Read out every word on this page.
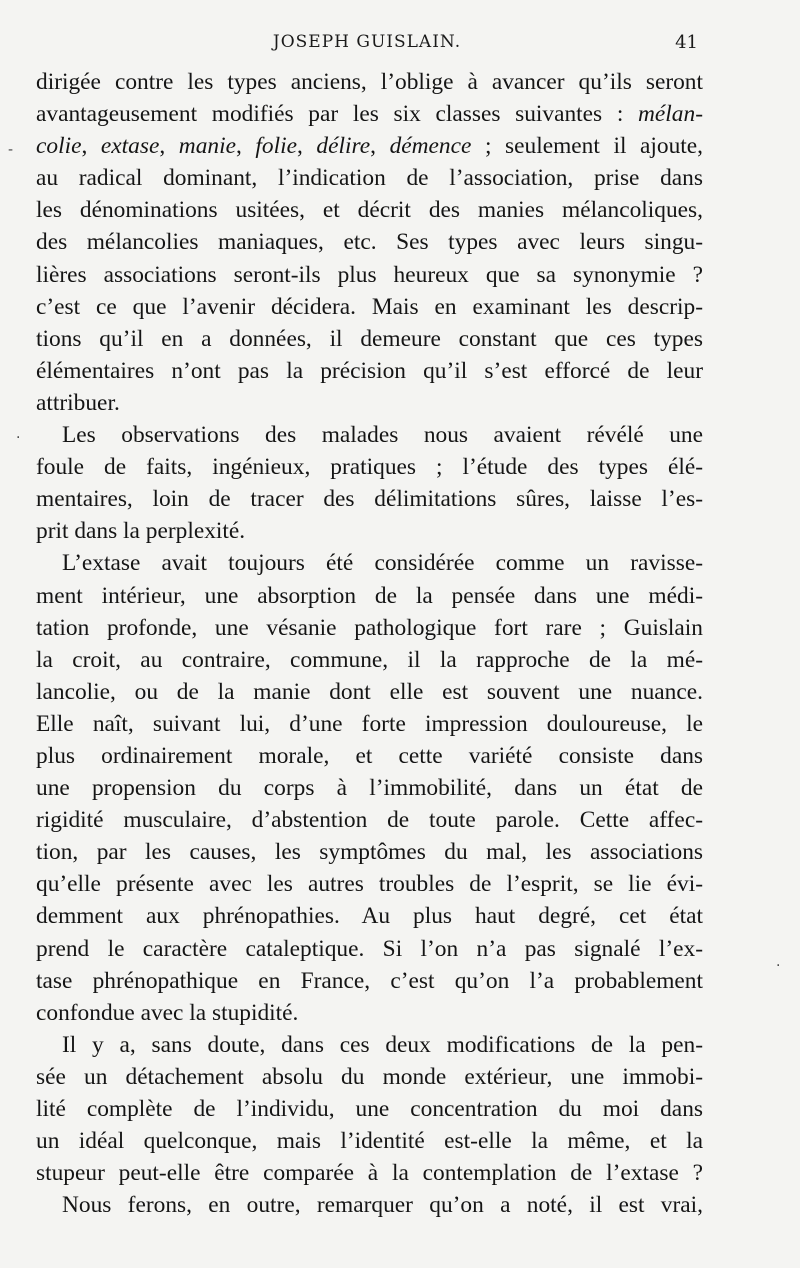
JOSEPH GUISLAIN.	41
dirigée contre les types anciens, l’oblige à avancer qu’ils seront
avantageusement modifiés par les six classes suivantes : mélan-
colie, extase, manie, folie, délire, démence ; seulement il ajoute,
au radical dominant, l’indication de l’association, prise dans
les dénominations usitées, et décrit des manies mélancoliques,
des mélancolies maniaques, etc. Ses types avec leurs singu-
lières associations seront-ils plus heureux que sa synonymie ?
c’est ce que l’avenir décidera. Mais en examinant les descrip-
tions qu’il en a données, il demeure constant que ces types
élémentaires n’ont pas la précision qu’il s’est efforcé de leur
attribuer.
Les observations des malades nous avaient révélé une
foule de faits, ingénieux, pratiques ; l’étude des types élé-
mentaires, loin de tracer des délimitations sûres, laisse l’es-
prit dans la perplexité.
L’extase avait toujours été considérée comme un ravisse-
ment intérieur, une absorption de la pensée dans une médi-
tation profonde, une vésanie pathologique fort rare ; Guislain
la croit, au contraire, commune, il la rapproche de la mé-
lancolie, ou de la manie dont elle est souvent une nuance.
Elle naît, suivant lui, d’une forte impression douloureuse, le
plus ordinairement morale, et cette variété consiste dans
une propension du corps à l’immobilité, dans un état de
rigidité musculaire, d’abstention de toute parole. Cette affec-
tion, par les causes, les symptômes du mal, les associations
qu’elle présente avec les autres troubles de l’esprit, se lie évi-
demment aux phrénopathies. Au plus haut degré, cet état
prend le caractère cataleptique. Si l’on n’a pas signalé l’ex-
tase phrénopathique en France, c’est qu’on l’a probablement
confondue avec la stupidité.
Il y a, sans doute, dans ces deux modifications de la pen-
sée un détachement absolu du monde extérieur, une immobi-
lité complète de l’individu, une concentration du moi dans
un idéal quelconque, mais l’identité est-elle la même, et la
stupeur peut-elle être comparée à la contemplation de l’extase ?
Nous ferons, en outre, remarquer qu’on a noté, il est vrai,
-
·
·
